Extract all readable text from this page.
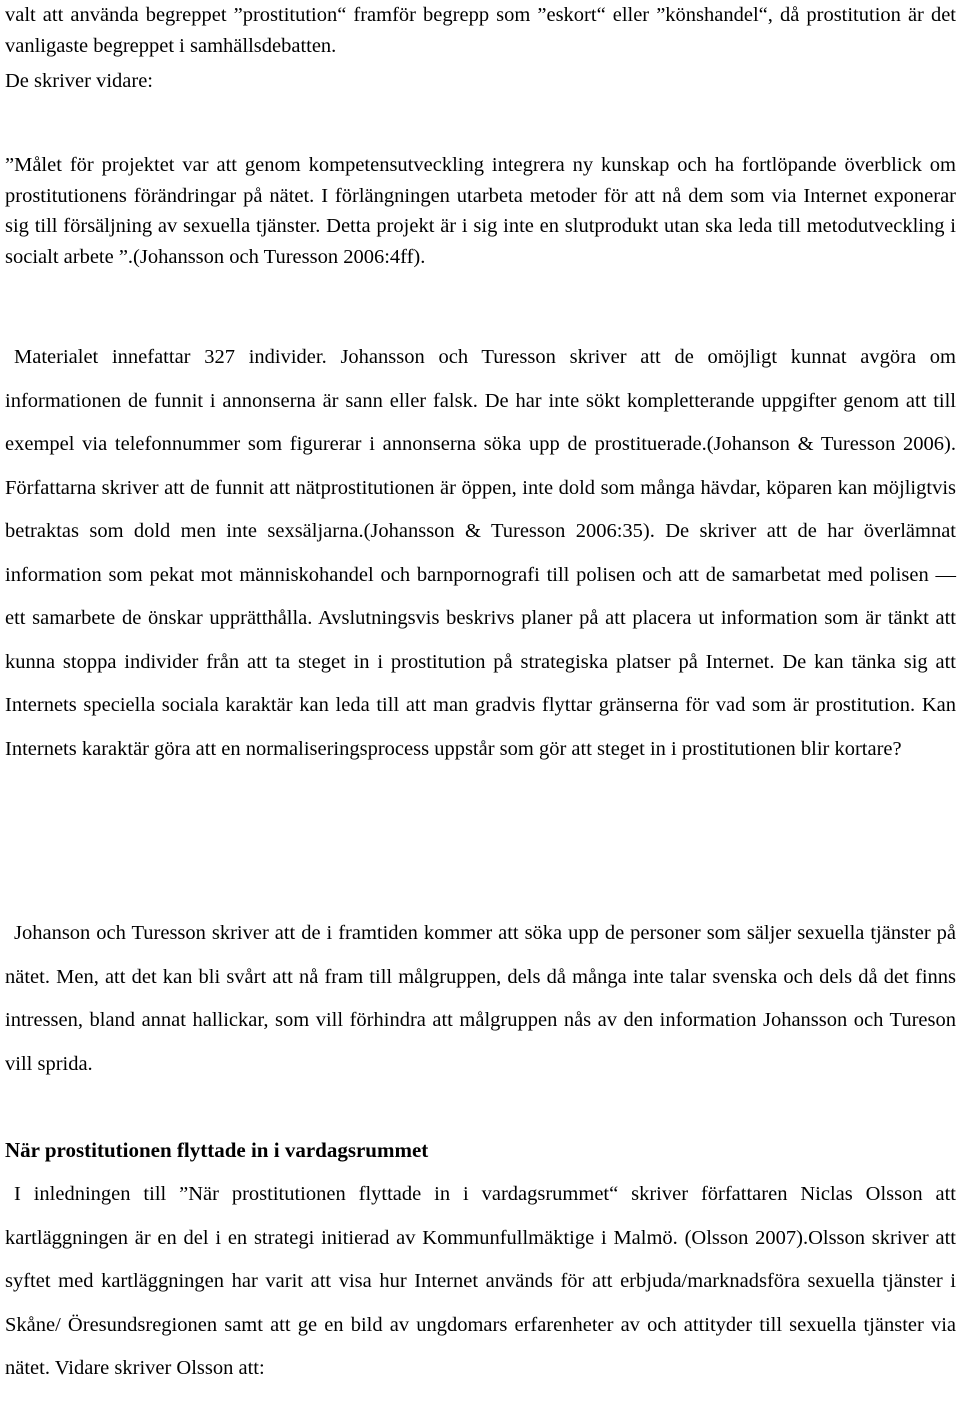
valt att använda begreppet ”prostitution“ framför begrepp som ”eskort“ eller ”könshandel“, då prostitution är det vanligaste begreppet i samhällsdebatten.

De skriver vidare:

”Målet för projektet var att genom kompetensutveckling integrera ny kunskap och ha fortlöpande överblick om prostitutionens förändringar på nätet. I förlängningen utarbeta metoder för att nå dem som via Internet exponerar sig till försäljning av sexuella tjänster. Detta projekt är i sig inte en slutprodukt utan ska leda till metodutveckling i socialt arbete ”.(Johansson och Turesson 2006:4ff).

Materialet innefattar 327 individer. Johansson och Turesson skriver att de omöjligt kunnat avgöra om informationen de funnit i annonserna är sann eller falsk. De har inte sökt kompletterande uppgifter genom att till exempel via telefonnummer som figurerar i annonserna söka upp de prostituerade.(Johanson & Turesson 2006). Författarna skriver att de funnit att nätprostitutionen är öppen, inte dold som många hävdar, köparen kan möjligtvis betraktas som dold men inte sexsäljarna.(Johansson & Turesson 2006:35). De skriver att de har överlämnat information som pekat mot människohandel och barnpornografi till polisen och att de samarbetat med polisen — ett samarbete de önskar upprätthålla. Avslutningsvis beskrivs planer på att placera ut information som är tänkt att kunna stoppa individer från att ta steget in i prostitution på strategiska platser på Internet. De kan tänka sig att Internets speciella sociala karaktär kan leda till att man gradvis flyttar gränserna för vad som är prostitution. Kan Internets karaktär göra att en normaliseringsprocess uppstår som gör att steget in i prostitutionen blir kortare?

Johanson och Turesson skriver att de i framtiden kommer att söka upp de personer som säljer sexuella tjänster på nätet. Men, att det kan bli svårt att nå fram till målgruppen, dels då många inte talar svenska och dels då det finns intressen, bland annat hallickar, som vill förhindra att målgruppen nås av den information Johansson och Tureson vill sprida.

När prostitutionen flyttade in i vardagsrummet

I inledningen till ”När prostitutionen flyttade in i vardagsrummet“ skriver författaren Niclas Olsson att kartläggningen är en del i en strategi initierad av Kommunfullmäktige i Malmö. (Olsson 2007).Olsson skriver att syftet med kartläggningen har varit att visa hur Internet används för att erbjuda/marknadsföra sexuella tjänster i Skåne/ Öresundsregionen samt att ge en bild av ungdomars erfarenheter av och attityder till sexuella tjänster via nätet. Vidare skriver Olsson att:
